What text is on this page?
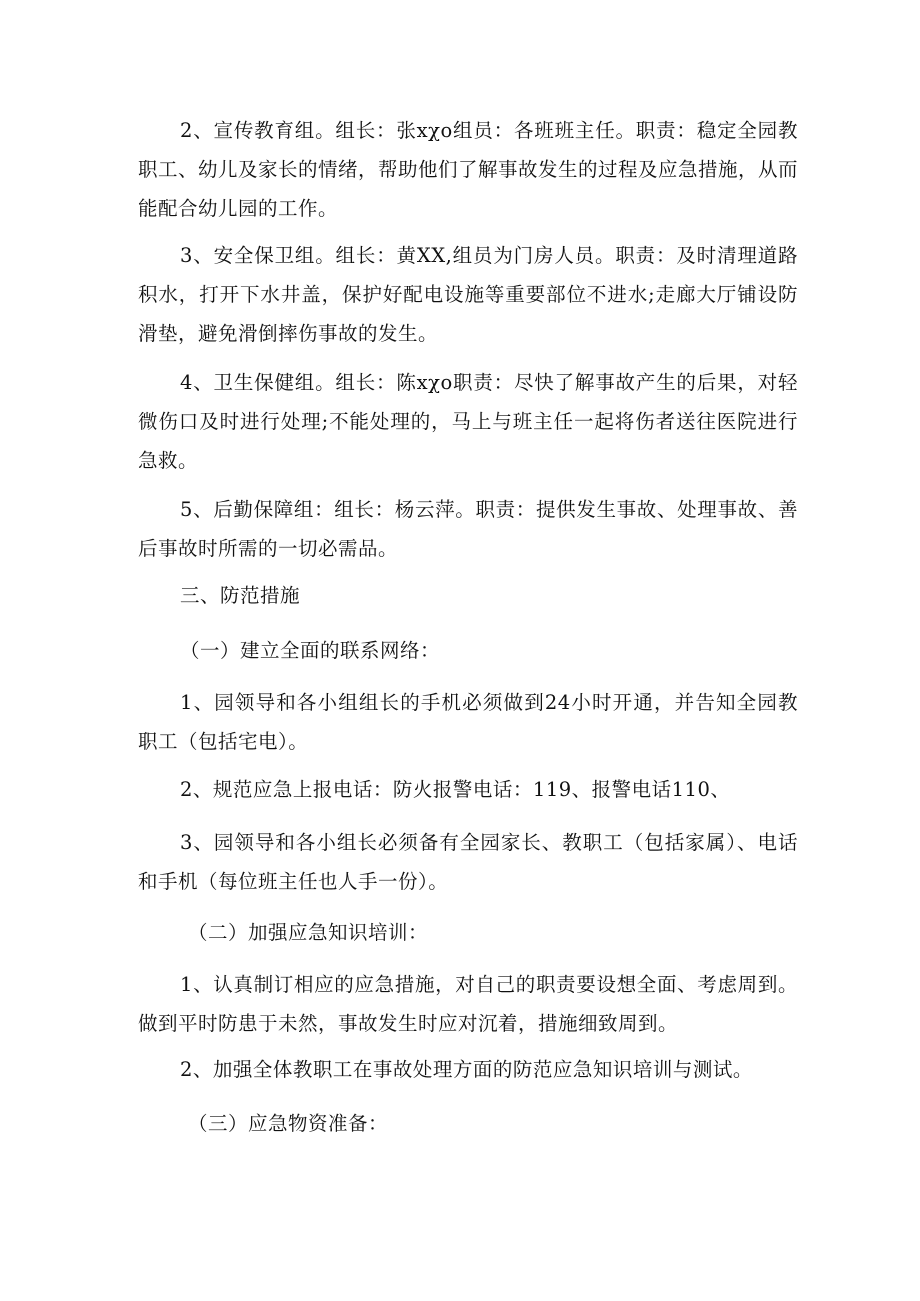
2、宣传教育组。组长：张xχo组员：各班班主任。职责：稳定全园教职工、幼儿及家长的情绪，帮助他们了解事故发生的过程及应急措施，从而能配合幼儿园的工作。

3、安全保卫组。组长：黄XX,组员为门房人员。职责：及时清理道路积水，打开下水井盖，保护好配电设施等重要部位不进水;走廊大厅铺设防滑垫，避免滑倒摔伤事故的发生。

4、卫生保健组。组长：陈xχo职责：尽快了解事故产生的后果，对轻微伤口及时进行处理;不能处理的，马上与班主任一起将伤者送往医院进行急救。

5、后勤保障组：组长：杨云萍。职责：提供发生事故、处理事故、善后事故时所需的一切必需品。

三、防范措施

（一）建立全面的联系网络：

1、园领导和各小组组长的手机必须做到24小时开通，并告知全园教职工（包括宅电）。

2、规范应急上报电话：防火报警电话：119、报警电话110、

3、园领导和各小组长必须备有全园家长、教职工（包括家属）、电话和手机（每位班主任也人手一份）。

（二）加强应急知识培训：

1、认真制订相应的应急措施，对自己的职责要设想全面、考虑周到。做到平时防患于未然，事故发生时应对沉着，措施细致周到。

2、加强全体教职工在事故处理方面的防范应急知识培训与测试。

（三）应急物资准备：
